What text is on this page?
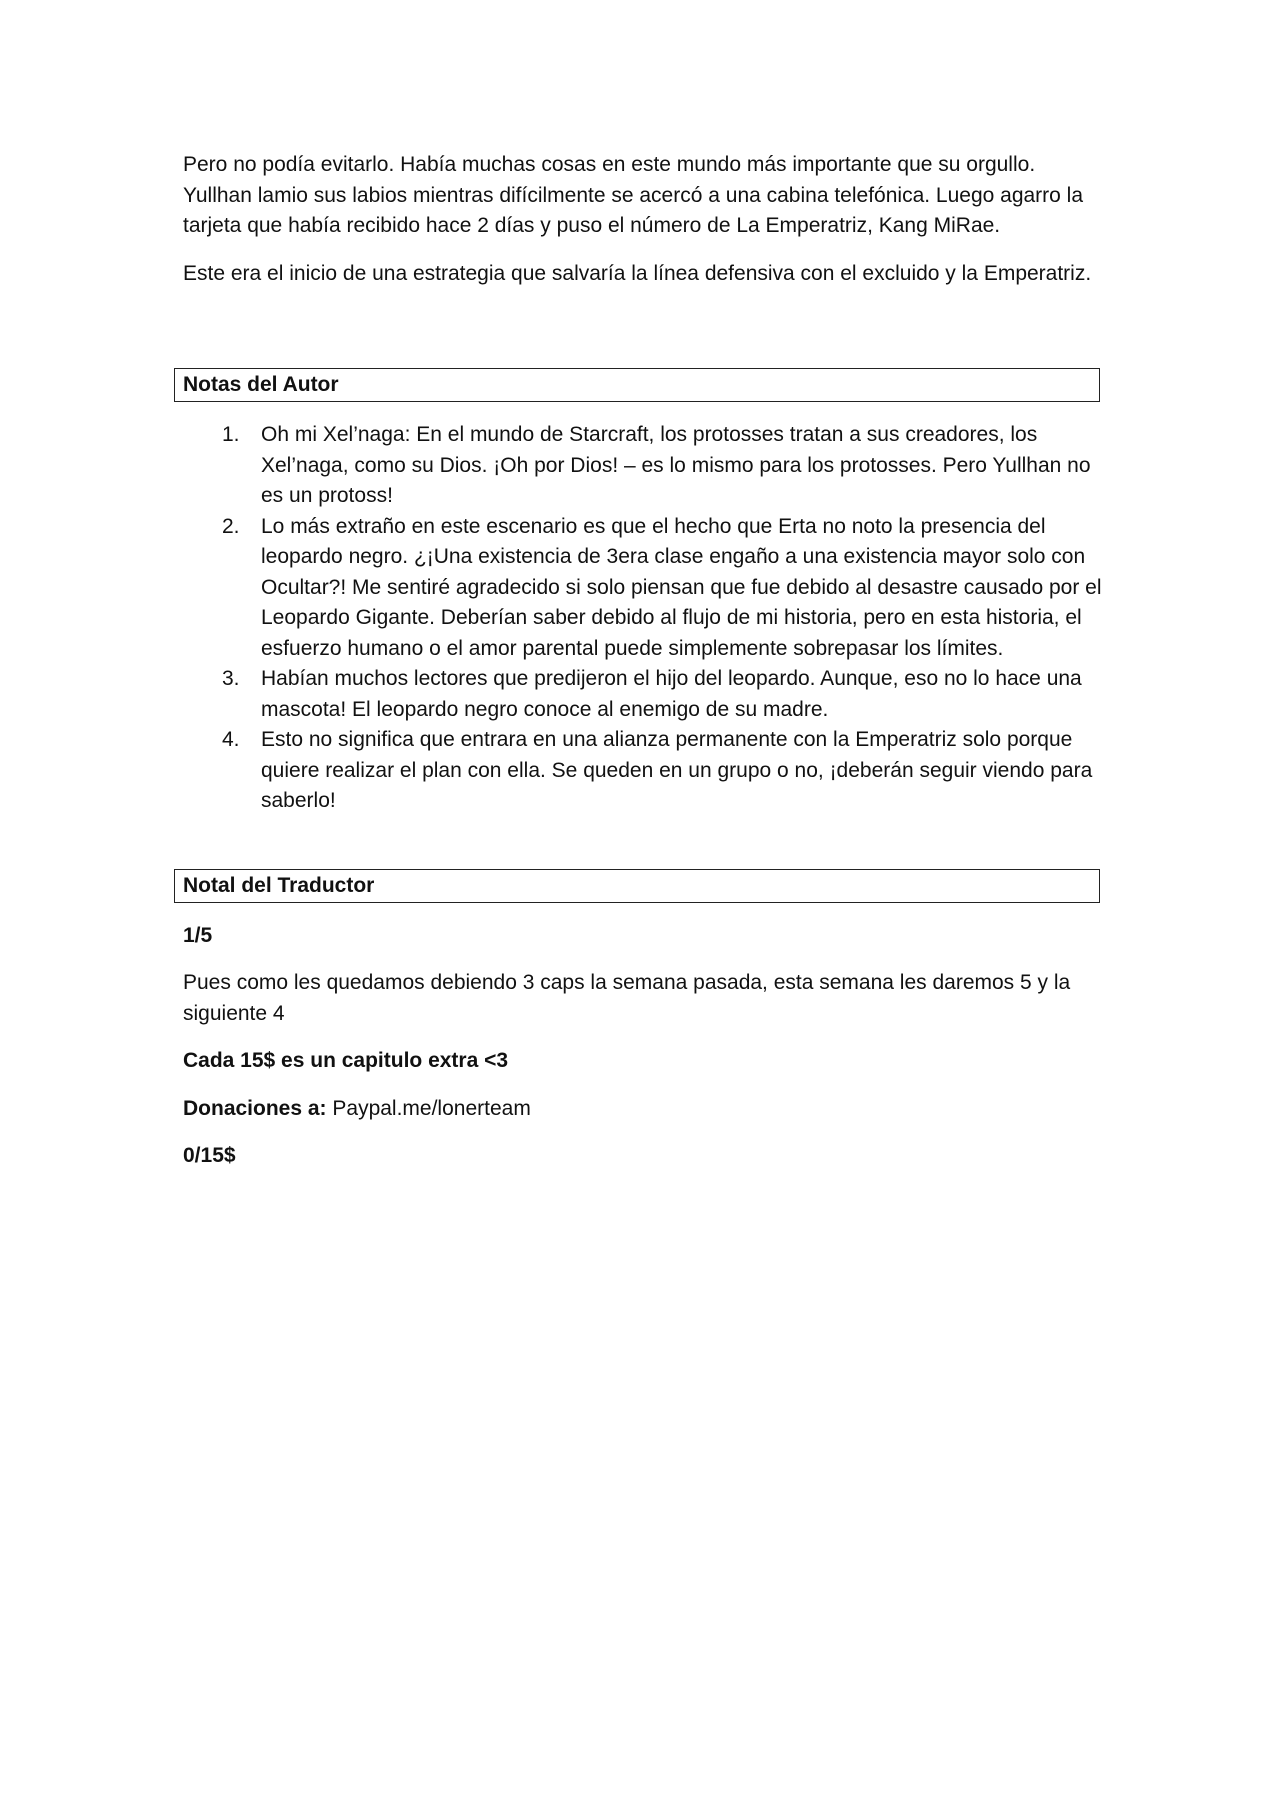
Pero no podía evitarlo. Había muchas cosas en este mundo más importante que su orgullo. Yullhan lamio sus labios mientras difícilmente se acercó a una cabina telefónica. Luego agarro la tarjeta que había recibido hace 2 días y puso el número de La Emperatriz, Kang MiRae.

Este era el inicio de una estrategia que salvaría la línea defensiva con el excluido y la Emperatriz.

Notas del Autor
1. Oh mi Xel’naga: En el mundo de Starcraft, los protosses tratan a sus creadores, los Xel’naga, como su Dios. ¡Oh por Dios! – es lo mismo para los protosses. Pero Yullhan no es un protoss!
2. Lo más extraño en este escenario es que el hecho que Erta no noto la presencia del leopardo negro. ¿¡Una existencia de 3era clase engaño a una existencia mayor solo con Ocultar?! Me sentiré agradecido si solo piensan que fue debido al desastre causado por el Leopardo Gigante. Deberían saber debido al flujo de mi historia, pero en esta historia, el esfuerzo humano o el amor parental puede simplemente sobrepasar los límites.
3. Habían muchos lectores que predijeron el hijo del leopardo. Aunque, eso no lo hace una mascota! El leopardo negro conoce al enemigo de su madre.
4. Esto no significa que entrara en una alianza permanente con la Emperatriz solo porque quiere realizar el plan con ella. Se queden en un grupo o no, ¡deberán seguir viendo para saberlo!
Notal del Traductor

1/5

Pues como les quedamos debiendo 3 caps la semana pasada, esta semana les daremos 5 y la siguiente 4

Cada 15$ es un capitulo extra <3

Donaciones a: Paypal.me/lonerteam

0/15$
